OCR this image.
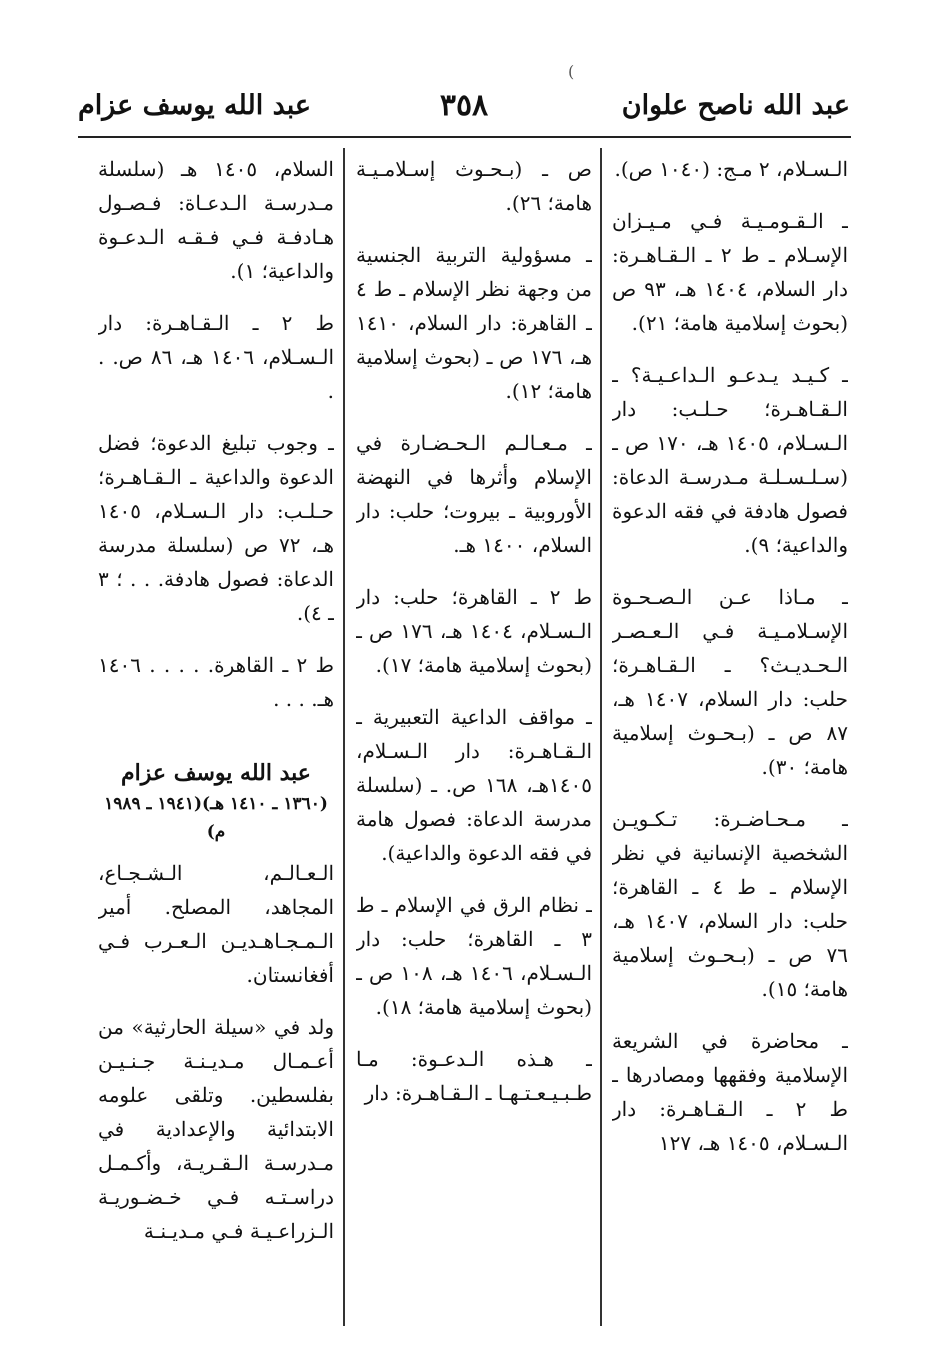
(
عبد الله ناصح علوان
٣٥٨
عبد الله يوسف عزام

الـسـلام، ٢ مـج: (١٠٤٠ ص).

ـ الـقـومـيـة فـي مـيـزان الإسـلام ـ ط ٢ ـ الـقـاهـرة: دار السلام، ١٤٠٤ هـ، ٩٣ ص (بحوث إسلامية هامة؛ ٢١).

ـ كـيـد يـدعـو الـداعـيـة؟ ـ الـقـاهـرة؛ حـلـب: دار الـسـلام، ١٤٠٥ هـ، ١٧٠ ص ـ (سـلـسـلـة مـدرسـة الدعاة: فصول هادفة في فقه الدعوة والداعية؛ ٩).

ـ مـاذا عـن الـصـحـوة الإسـلامـيـة فـي الـعـصـر الـحـديـث؟ ـ الـقـاهـرة؛ حلب: دار السلام، ١٤٠٧ هـ، ٨٧ ص ـ (بـحـوث إسلامية هامة؛ ٣٠).

ـ مـحـاضـرة: تـكـويـن الشخصية الإنسانية في نظر الإسلام ـ ط ٤ ـ القاهرة؛ حلب: دار السلام، ١٤٠٧ هـ، ٧٦ ص ـ (بـحـوث إسلامية هامة؛ ١٥).

ـ محاضرة في الشريعة الإسلامية وفقهها ومصادرها ـ ط ٢ ـ الـقـاهـرة: دار الـسـلام، ١٤٠٥ هـ، ١٢٧

ص ـ (بـحـوث إسـلامـيـة هامة؛ ٢٦).

ـ مسؤولية التربية الجنسية من وجهة نظر الإسلام ـ ط ٤ ـ القاهرة: دار السلام، ١٤١٠ هـ، ١٧٦ ص ـ (بحوث إسلامية هامة؛ ١٢).

ـ مـعـالـم الـحـضـارة في الإسلام وأثرها في النهضة الأوروبية ـ بيروت؛ حلب: دار السلام، ١٤٠٠ هـ.

ط ٢ ـ القاهرة؛ حلب: دار الـسـلام، ١٤٠٤ هـ، ١٧٦ ص ـ (بحوث إسلامية هامة؛ ١٧).

ـ مواقف الداعية التعبيرية ـ الـقـاهـرة: دار الـسـلام، ١٤٠٥هـ، ١٦٨ ص. ـ (سلسلة مدرسة الدعاة: فصول هامة في فقه الدعوة والداعية).

ـ نظام الرق في الإسلام ـ ط ٣ ـ القاهرة؛ حلب: دار الـسـلام، ١٤٠٦ هـ، ١٠٨ ص ـ (بحوث إسلامية هامة؛ ١٨).

ـ هـذه الـدعـوة: مـا طـبـيـعـتـهـا ـ الـقـاهـرة: دار

السلام، ١٤٠٥ هـ (سلسلة مـدرسـة الـدعـاة: فـصـول هـادفـة فـي فـقـه الـدعـوة والداعية؛ ١).

ط ٢ ـ الـقـاهـرة: دار الـسـلام، ١٤٠٦ هـ، ٨٦ ص. . .

ـ وجوب تبليغ الدعوة؛ فضل الدعوة والداعية ـ الـقـاهـرة؛ حـلـب: دار الـسـلام، ١٤٠٥ هـ، ٧٢ ص (سلسلة مدرسة الدعاة: فصول هادفة. . . ؛ ٣ ـ ٤).

ط ٢ ـ القاهرة. . . . . ١٤٠٦ هـ. . . .

عبد الله يوسف عزام
(١٣٦٠ ـ ١٤١٠ هـ)(١٩٤١ ـ ١٩٨٩ م)

الـعـالـم، الـشـجـاع، المجاهد، المصلح. أمير الـمـجـاهـديـن الـعـرب فـي أفغانستان.

ولد في «سيلة الحارثية» من أعـمـال مـديـنـة جـنـيـن بفلسطين. وتلقى علومه الابتدائية والإعدادية في مـدرسـة الـقـريـة، وأكـمـل دراسـتـه فـي خـضـوريـة الـزراعـيـة فـي مـديـنـة
